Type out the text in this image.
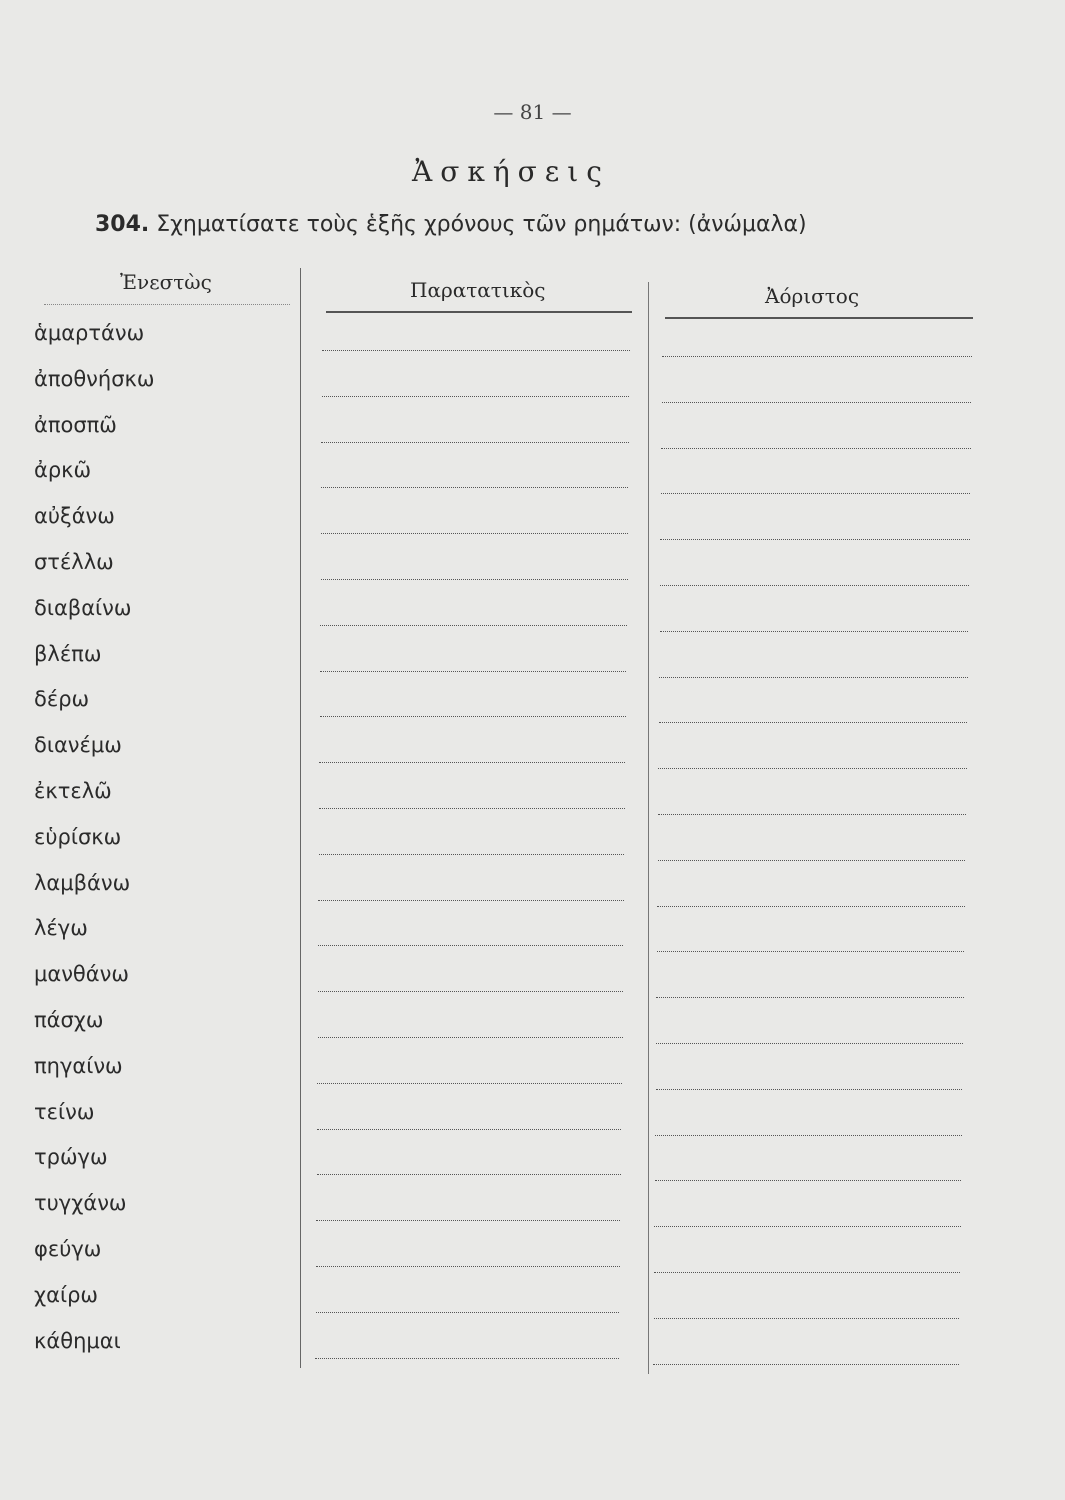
— 81 —
Ἀσκήσεις
304. Σχηματίσατε τοὺς ἑξῆς χρόνους τῶν ρημάτων: (ἀνώμαλα)
Ἐνεστὼς	Παρατατικὸς	Ἀόριστος
ἁμαρτάνω
ἀποθνήσκω
ἀποσπῶ
ἀρκῶ
αὐξάνω
στέλλω
διαβαίνω
βλέπω
δέρω
διανέμω
ἐκτελῶ
εὑρίσκω
λαμβάνω
λέγω
μανθάνω
πάσχω
πηγαίνω
τείνω
τρώγω
τυγχάνω
φεύγω
χαίρω
κάθημαι
